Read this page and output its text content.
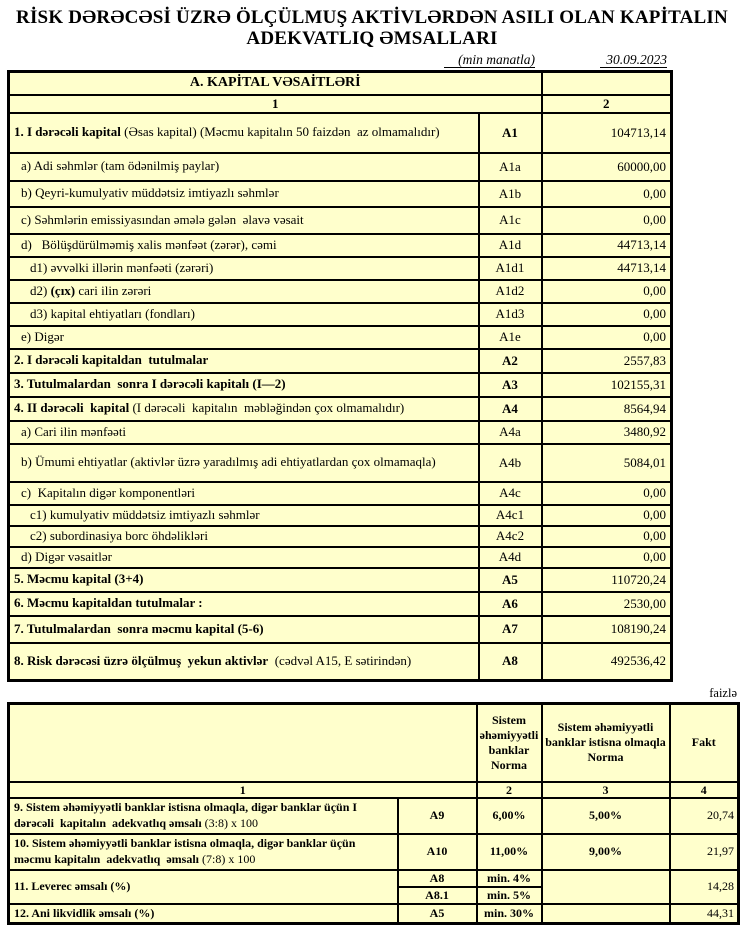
RİSK DƏRƏCƏSİ ÜZRƏ ÖLÇÜLMUŞ AKTİVLƏRDƏN ASILI OLAN KAPİTALIN
ADEKVATLIQ ƏMSALLARI
(min manatla)	30.09.2023
A. KAPİTAL VƏSAİTLƏRİ		
1		2
1. I dərəcəli kapital (Əsas kapital) (Məcmu kapitalın 50 faizdən  az olmamalıdır)	A1	104713,14
a) Adi səhmlər (tam ödənilmiş paylar)	A1a	60000,00
b) Qeyri-kumulyativ müddətsiz imtiyazlı səhmlər	A1b	0,00
c) Səhmlərin emissiyasından əmələ gələn  əlavə vəsait	A1c	0,00
d)   Bölüşdürülməmiş xalis mənfəət (zərər), cəmi	A1d	44713,14
d1) əvvəlki illərin mənfəəti (zərəri)	A1d1	44713,14
d2) (çıx) cari ilin zərəri	A1d2	0,00
d3) kapital ehtiyatları (fondları)	A1d3	0,00
e) Digər	A1e	0,00
2. I dərəcəli kapitaldan  tutulmalar	A2	2557,83
3. Tutulmalardan  sonra I dərəcəli kapitalı (I—2)	A3	102155,31
4. II dərəcəli  kapital (I dərəcəli  kapitalın  məbləğindən çox olmamalıdır)	A4	8564,94
a) Cari ilin mənfəəti	A4a	3480,92
b) Ümumi ehtiyatlar (aktivlər üzrə yaradılmış adi ehtiyatlardan çox olmamaqla)	A4b	5084,01
c)  Kapitalın digər komponentləri	A4c	0,00
c1) kumulyativ müddətsiz imtiyazlı səhmlər	A4c1	0,00
c2) subordinasiya borc öhdəlikləri	A4c2	0,00
d) Digər vəsaitlər	A4d	0,00
5. Məcmu kapital (3+4)	A5	110720,24
6. Məcmu kapitaldan tutulmalar :	A6	2530,00
7. Tutulmalardan  sonra məcmu kapital (5-6)	A7	108190,24
8. Risk dərəcəsi üzrə ölçülmuş  yekun aktivlər  (cədvəl A15, E sətirindən)	A8	492536,42
faizlə
		Sistem əhəmiyyətli banklar Norma	Sistem əhəmiyyətli banklar istisna olmaqla Norma	Fakt
1		2	3	4
9. Sistem əhəmiyyətli banklar istisna olmaqla, digər banklar üçün I dərəcəli  kapitalın  adekvatlıq əmsalı (3:8) x 100	A9	6,00%	5,00%	20,74
10. Sistem əhəmiyyətli banklar istisna olmaqla, digər banklar üçün məcmu kapitalın  adekvatlıq  əmsalı (7:8) x 100	A10	11,00%	9,00%	21,97
11. Leverec əmsalı (%)	A8	min. 4%		14,28
	A8.1	min. 5%		
12. Ani likvidlik əmsalı (%)	A5	min. 30%		44,31
